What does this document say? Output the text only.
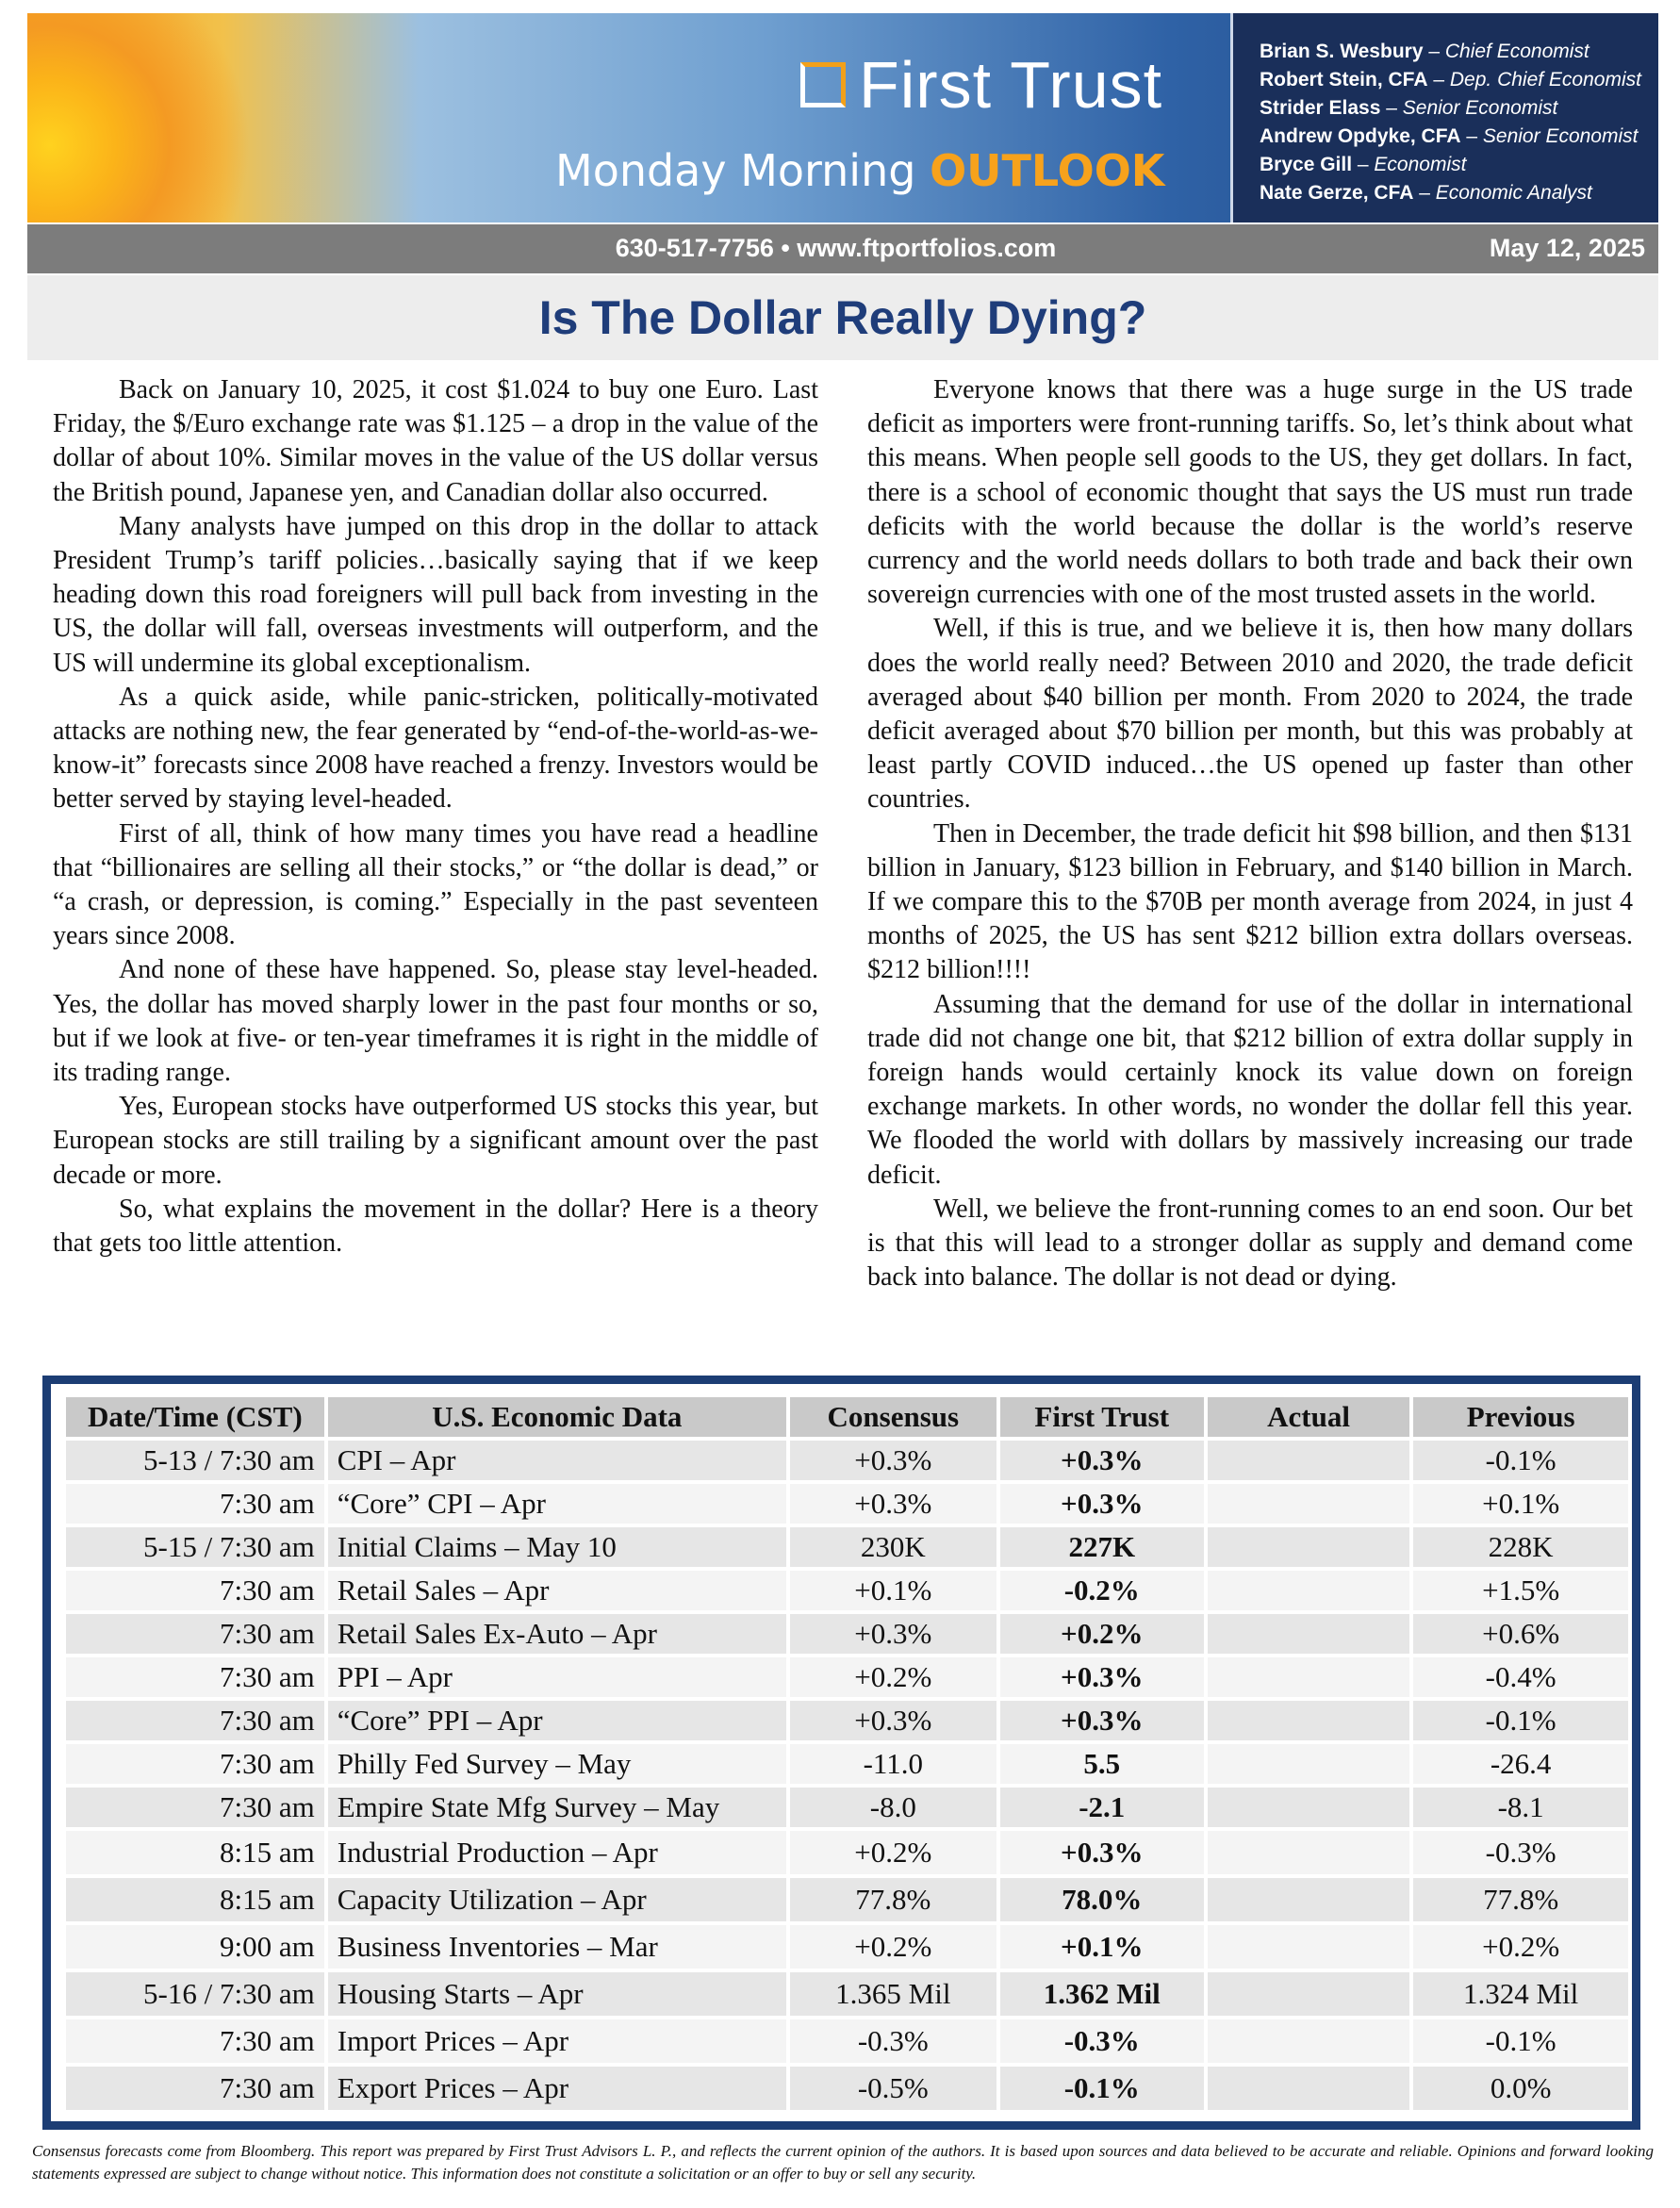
First Trust
Monday Morning OUTLOOK
Brian S. Wesbury – Chief Economist
Robert Stein, CFA – Dep. Chief Economist
Strider Elass – Senior Economist
Andrew Opdyke, CFA – Senior Economist
Bryce Gill – Economist
Nate Gerze, CFA – Economic Analyst
630-517-7756 • www.ftportfolios.com	May 12, 2025
Is The Dollar Really Dying?

Back on January 10, 2025, it cost $1.024 to buy one Euro. Last Friday, the $/Euro exchange rate was $1.125 – a drop in the value of the dollar of about 10%. Similar moves in the value of the US dollar versus the British pound, Japanese yen, and Canadian dollar also occurred.

Many analysts have jumped on this drop in the dollar to attack President Trump’s tariff policies…basically saying that if we keep heading down this road foreigners will pull back from investing in the US, the dollar will fall, overseas investments will outperform, and the US will undermine its global exceptionalism.

As a quick aside, while panic-stricken, politically-motivated attacks are nothing new, the fear generated by “end-of-the-world-as-we-know-it” forecasts since 2008 have reached a frenzy. Investors would be better served by staying level-headed.

First of all, think of how many times you have read a headline that “billionaires are selling all their stocks,” or “the dollar is dead,” or “a crash, or depression, is coming.” Especially in the past seventeen years since 2008.

And none of these have happened. So, please stay level-headed. Yes, the dollar has moved sharply lower in the past four months or so, but if we look at five- or ten-year timeframes it is right in the middle of its trading range.

Yes, European stocks have outperformed US stocks this year, but European stocks are still trailing by a significant amount over the past decade or more.

So, what explains the movement in the dollar? Here is a theory that gets too little attention.

Everyone knows that there was a huge surge in the US trade deficit as importers were front-running tariffs. So, let’s think about what this means. When people sell goods to the US, they get dollars. In fact, there is a school of economic thought that says the US must run trade deficits with the world because the dollar is the world’s reserve currency and the world needs dollars to both trade and back their own sovereign currencies with one of the most trusted assets in the world.

Well, if this is true, and we believe it is, then how many dollars does the world really need? Between 2010 and 2020, the trade deficit averaged about $40 billion per month. From 2020 to 2024, the trade deficit averaged about $70 billion per month, but this was probably at least partly COVID induced…the US opened up faster than other countries.

Then in December, the trade deficit hit $98 billion, and then $131 billion in January, $123 billion in February, and $140 billion in March. If we compare this to the $70B per month average from 2024, in just 4 months of 2025, the US has sent $212 billion extra dollars overseas. $212 billion!!!!

Assuming that the demand for use of the dollar in international trade did not change one bit, that $212 billion of extra dollar supply in foreign hands would certainly knock its value down on foreign exchange markets. In other words, no wonder the dollar fell this year. We flooded the world with dollars by massively increasing our trade deficit.

Well, we believe the front-running comes to an end soon. Our bet is that this will lead to a stronger dollar as supply and demand come back into balance. The dollar is not dead or dying.

Date/Time (CST)	U.S. Economic Data	Consensus	First Trust	Actual	Previous
5-13 / 7:30 am	CPI – Apr	+0.3%	+0.3%		-0.1%
7:30 am	“Core” CPI – Apr	+0.3%	+0.3%		+0.1%
5-15 / 7:30 am	Initial Claims – May 10	230K	227K		228K
7:30 am	Retail Sales – Apr	+0.1%	-0.2%		+1.5%
7:30 am	Retail Sales Ex-Auto – Apr	+0.3%	+0.2%		+0.6%
7:30 am	PPI – Apr	+0.2%	+0.3%		-0.4%
7:30 am	“Core” PPI – Apr	+0.3%	+0.3%		-0.1%
7:30 am	Philly Fed Survey – May	-11.0	5.5		-26.4
7:30 am	Empire State Mfg Survey – May	-8.0	-2.1		-8.1
8:15 am	Industrial Production – Apr	+0.2%	+0.3%		-0.3%
8:15 am	Capacity Utilization – Apr	77.8%	78.0%		77.8%
9:00 am	Business Inventories – Mar	+0.2%	+0.1%		+0.2%
5-16 / 7:30 am	Housing Starts – Apr	1.365 Mil	1.362 Mil		1.324 Mil
7:30 am	Import Prices – Apr	-0.3%	-0.3%		-0.1%
7:30 am	Export Prices – Apr	-0.5%	-0.1%		0.0%
Consensus forecasts come from Bloomberg. This report was prepared by First Trust Advisors L. P., and reflects the current opinion of the authors. It is based upon sources and data believed to be accurate and reliable. Opinions and forward looking statements expressed are subject to change without notice. This information does not constitute a solicitation or an offer to buy or sell any security.
